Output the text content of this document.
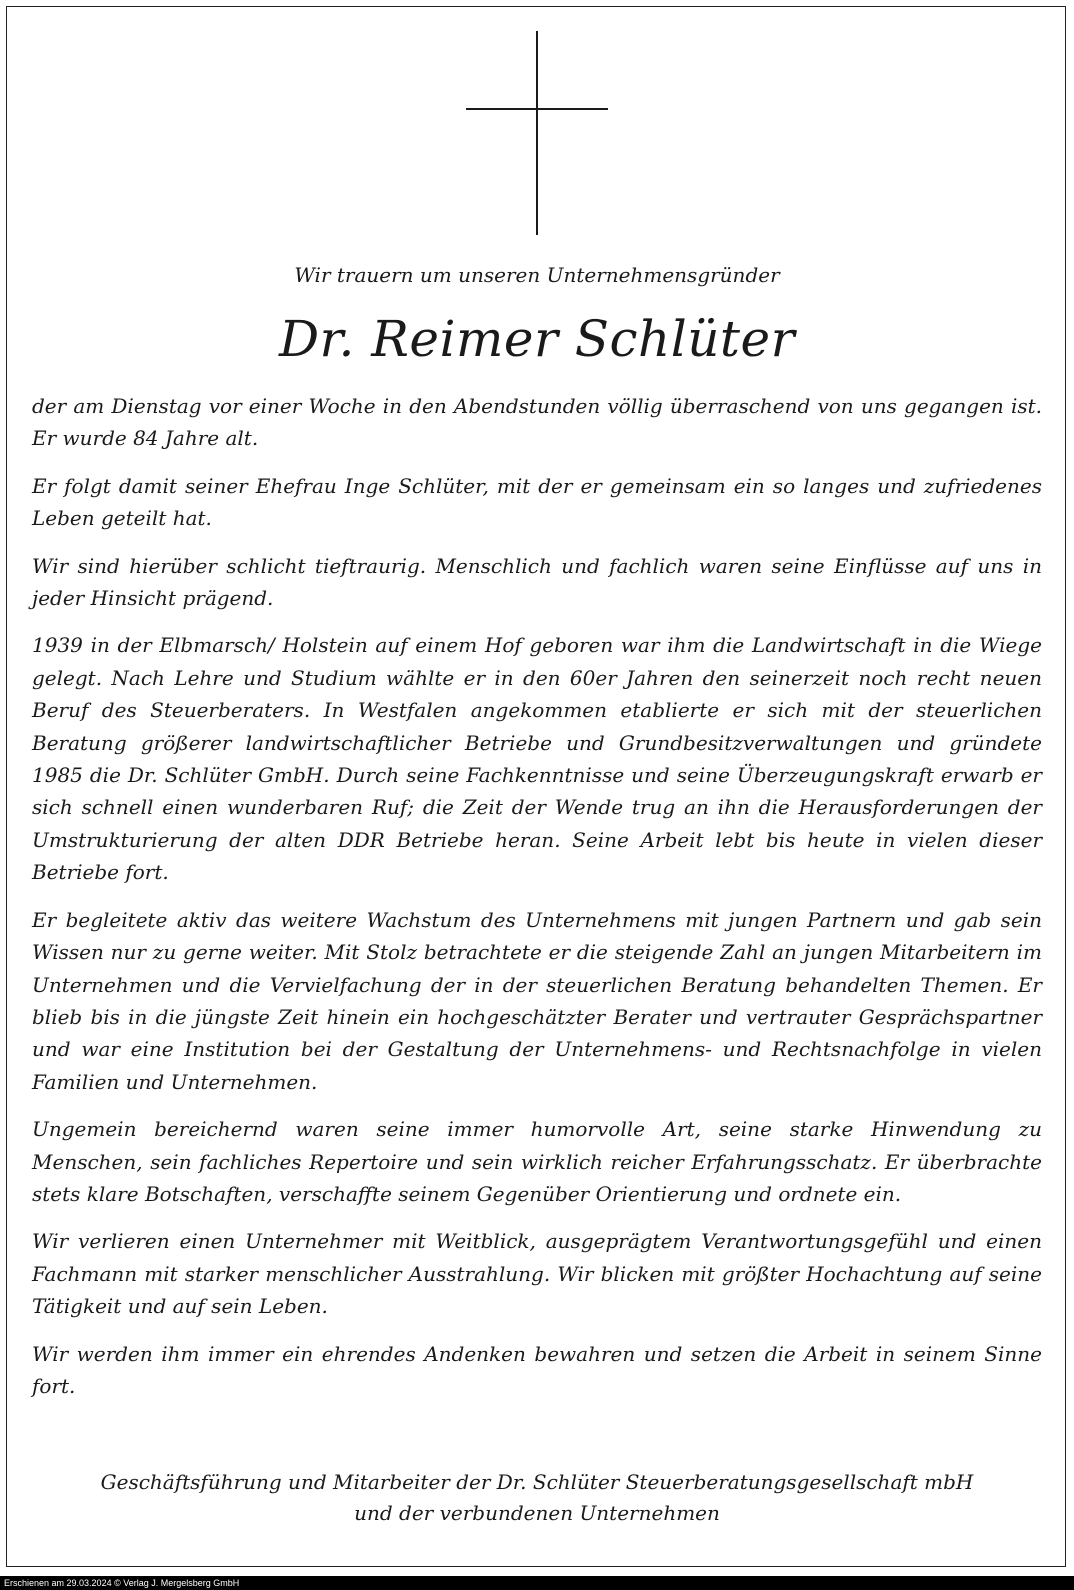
Wir trauern um unseren Unternehmensgründer
Dr. Reimer Schlüter

der am Dienstag vor einer Woche in den Abendstunden völlig überraschend von uns gegangen ist. Er wurde 84 Jahre alt.

Er folgt damit seiner Ehefrau Inge Schlüter, mit der er gemeinsam ein so langes und zufriedenes Leben geteilt hat.

Wir sind hierüber schlicht tieftraurig. Menschlich und fachlich waren seine Einflüsse auf uns in jeder Hinsicht prägend.

1939 in der Elbmarsch/ Holstein auf einem Hof geboren war ihm die Landwirtschaft in die Wiege gelegt. Nach Lehre und Studium wählte er in den 60er Jahren den seinerzeit noch recht neuen Beruf des Steuerberaters. In Westfalen angekommen etablierte er sich mit der steuerlichen Beratung größerer landwirtschaftlicher Betriebe und Grundbesitzverwaltungen und gründete 1985 die Dr. Schlüter GmbH. Durch seine Fachkenntnisse und seine Überzeugungskraft erwarb er sich schnell einen wunderbaren Ruf; die Zeit der Wende trug an ihn die Herausforderungen der Umstrukturierung der alten DDR Betriebe heran. Seine Arbeit lebt bis heute in vielen dieser Betriebe fort.

Er begleitete aktiv das weitere Wachstum des Unternehmens mit jungen Partnern und gab sein Wissen nur zu gerne weiter. Mit Stolz betrachtete er die steigende Zahl an jungen Mitarbeitern im Unternehmen und die Vervielfachung der in der steuerlichen Beratung behandelten Themen. Er blieb bis in die jüngste Zeit hinein ein hochgeschätzter Berater und vertrauter Gesprächspartner und war eine Institution bei der Gestaltung der Unternehmens- und Rechtsnachfolge in vielen Familien und Unternehmen.

Ungemein bereichernd waren seine immer humorvolle Art, seine starke Hinwendung zu Menschen, sein fachliches Repertoire und sein wirklich reicher Erfahrungsschatz. Er überbrachte stets klare Botschaften, verschaffte seinem Gegenüber Orientierung und ordnete ein.

Wir verlieren einen Unternehmer mit Weitblick, ausgeprägtem Verantwortungsgefühl und einen Fachmann mit starker menschlicher Ausstrahlung. Wir blicken mit größter Hochachtung auf seine Tätigkeit und auf sein Leben.

Wir werden ihm immer ein ehrendes Andenken bewahren und setzen die Arbeit in seinem Sinne fort.

Geschäftsführung und Mitarbeiter der Dr. Schlüter Steuerberatungsgesellschaft mbH
und der verbundenen Unternehmen
Erschienen am 29.03.2024 © Verlag J. Mergelsberg GmbH
